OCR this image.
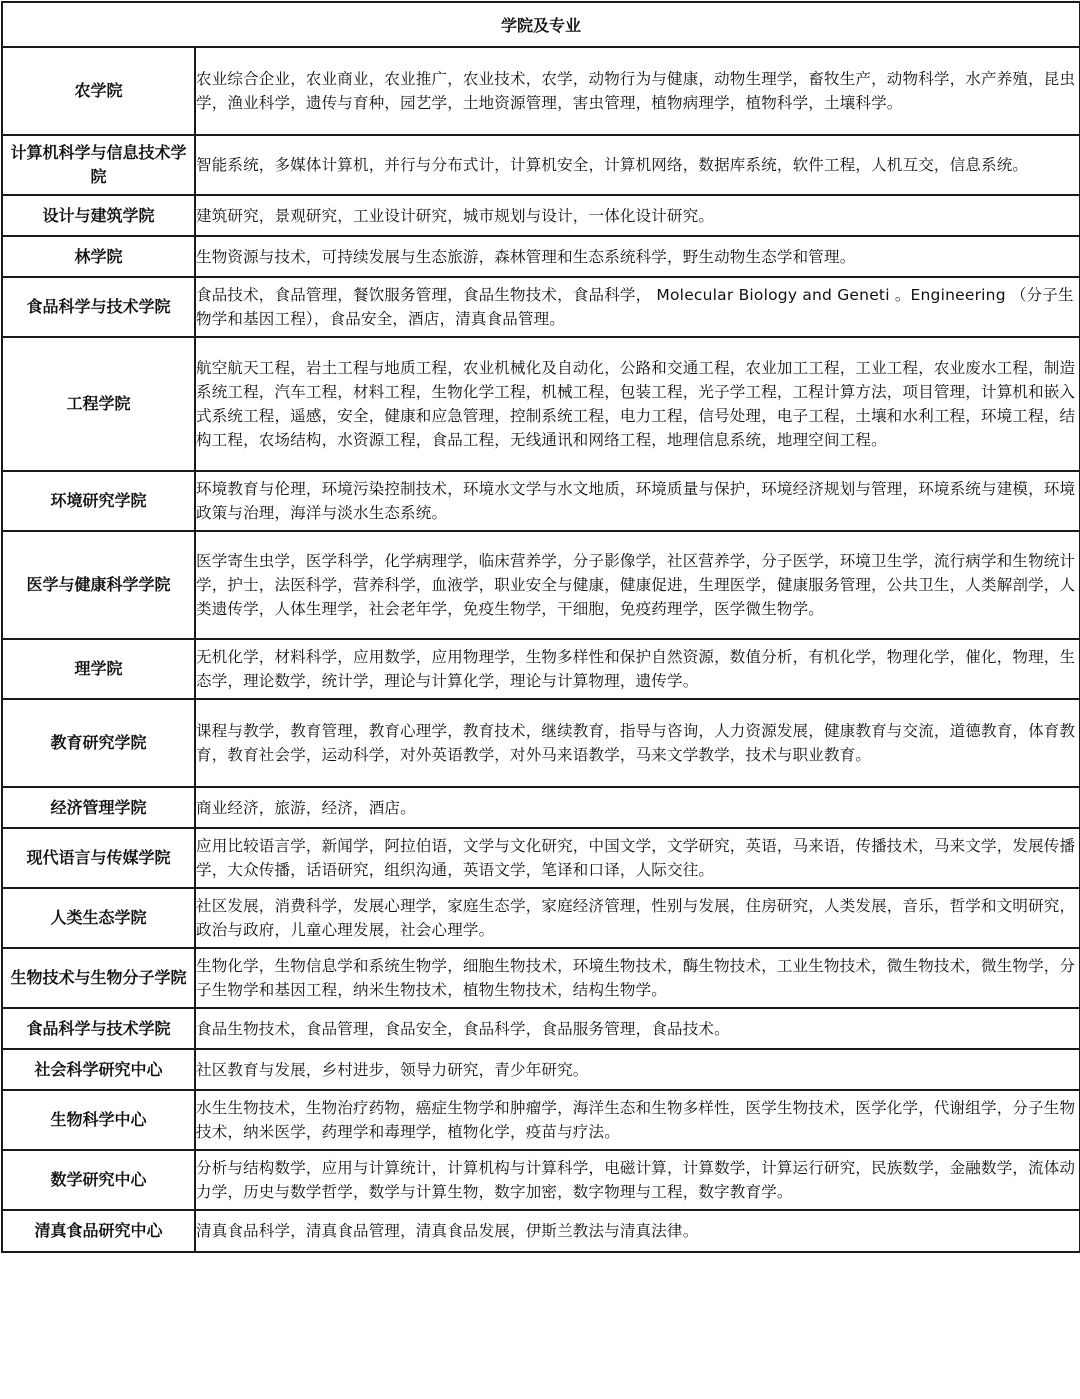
学院及专业	
农学院	农业综合企业，农业商业，农业推广，农业技术，农学，动物行为与健康，动物生理学，畜牧生产，动物科学，水产养殖，昆虫学，渔业科学，遗传与育种，园艺学，土地资源管理，害虫管理，植物病理学，植物科学，土壤科学。
计算机科学与信息技术学院	智能系统，多媒体计算机，并行与分布式计，计算机安全，计算机网络，数据库系统，软件工程，人机互交，信息系统。
设计与建筑学院	建筑研究，景观研究，工业设计研究，城市规划与设计，一体化设计研究。
林学院	生物资源与技术，可持续发展与生态旅游，森林管理和生态系统科学，野生动物生态学和管理。
食品科学与技术学院	食品技术，食品管理，餐饮服务管理，食品生物技术，食品科学， Molecular Biology and Geneti 。Engineering （分子生物学和基因工程），食品安全，酒店，清真食品管理。
工程学院	航空航天工程，岩土工程与地质工程，农业机械化及自动化，公路和交通工程，农业加工工程，工业工程，农业废水工程，制造系统工程，汽车工程，材料工程，生物化学工程，机械工程，包装工程，光子学工程，工程计算方法，项目管理，计算机和嵌入式系统工程，遥感，安全，健康和应急管理，控制系统工程，电力工程，信号处理，电子工程，土壤和水利工程，环境工程，结构工程，农场结构，水资源工程，食品工程，无线通讯和网络工程，地理信息系统，地理空间工程。
环境研究学院	环境教育与伦理，环境污染控制技术，环境水文学与水文地质，环境质量与保护，环境经济规划与管理，环境系统与建模，环境政策与治理，海洋与淡水生态系统。
医学与健康科学学院	医学寄生虫学，医学科学，化学病理学，临床营养学，分子影像学，社区营养学，分子医学，环境卫生学，流行病学和生物统计学，护士，法医科学，营养科学，血液学，职业安全与健康，健康促进，生理医学，健康服务管理，公共卫生，人类解剖学，人类遗传学，人体生理学，社会老年学，免疫生物学，干细胞，免疫药理学，医学微生物学。
理学院	无机化学，材料科学，应用数学，应用物理学，生物多样性和保护自然资源，数值分析，有机化学，物理化学，催化，物理，生态学，理论数学，统计学，理论与计算化学，理论与计算物理，遗传学。
教育研究学院	课程与教学，教育管理，教育心理学，教育技术，继续教育，指导与咨询，人力资源发展，健康教育与交流，道德教育，体育教育，教育社会学，运动科学，对外英语教学，对外马来语教学，马来文学教学，技术与职业教育。
经济管理学院	商业经济，旅游，经济，酒店。
现代语言与传媒学院	应用比较语言学，新闻学，阿拉伯语，文学与文化研究，中国文学，文学研究，英语，马来语，传播技术，马来文学，发展传播学，大众传播，话语研究，组织沟通，英语文学，笔译和口译，人际交往。
人类生态学院	社区发展，消费科学，发展心理学，家庭生态学，家庭经济管理，性别与发展，住房研究，人类发展，音乐，哲学和文明研究，政治与政府，儿童心理发展，社会心理学。
生物技术与生物分子学院	生物化学，生物信息学和系统生物学，细胞生物技术，环境生物技术，酶生物技术，工业生物技术，微生物技术，微生物学，分子生物学和基因工程，纳米生物技术，植物生物技术，结构生物学。
食品科学与技术学院	食品生物技术，食品管理，食品安全，食品科学，食品服务管理，食品技术。
社会科学研究中心	社区教育与发展，乡村进步，领导力研究，青少年研究。
生物科学中心	水生生物技术，生物治疗药物，癌症生物学和肿瘤学，海洋生态和生物多样性，医学生物技术，医学化学，代谢组学，分子生物技术，纳米医学，药理学和毒理学，植物化学，疫苗与疗法。
数学研究中心	分析与结构数学，应用与计算统计，计算机构与计算科学，电磁计算，计算数学，计算运行研究，民族数学，金融数学，流体动力学，历史与数学哲学，数学与计算生物，数字加密，数字物理与工程，数字教育学。
清真食品研究中心	清真食品科学，清真食品管理，清真食品发展，伊斯兰教法与清真法律。
